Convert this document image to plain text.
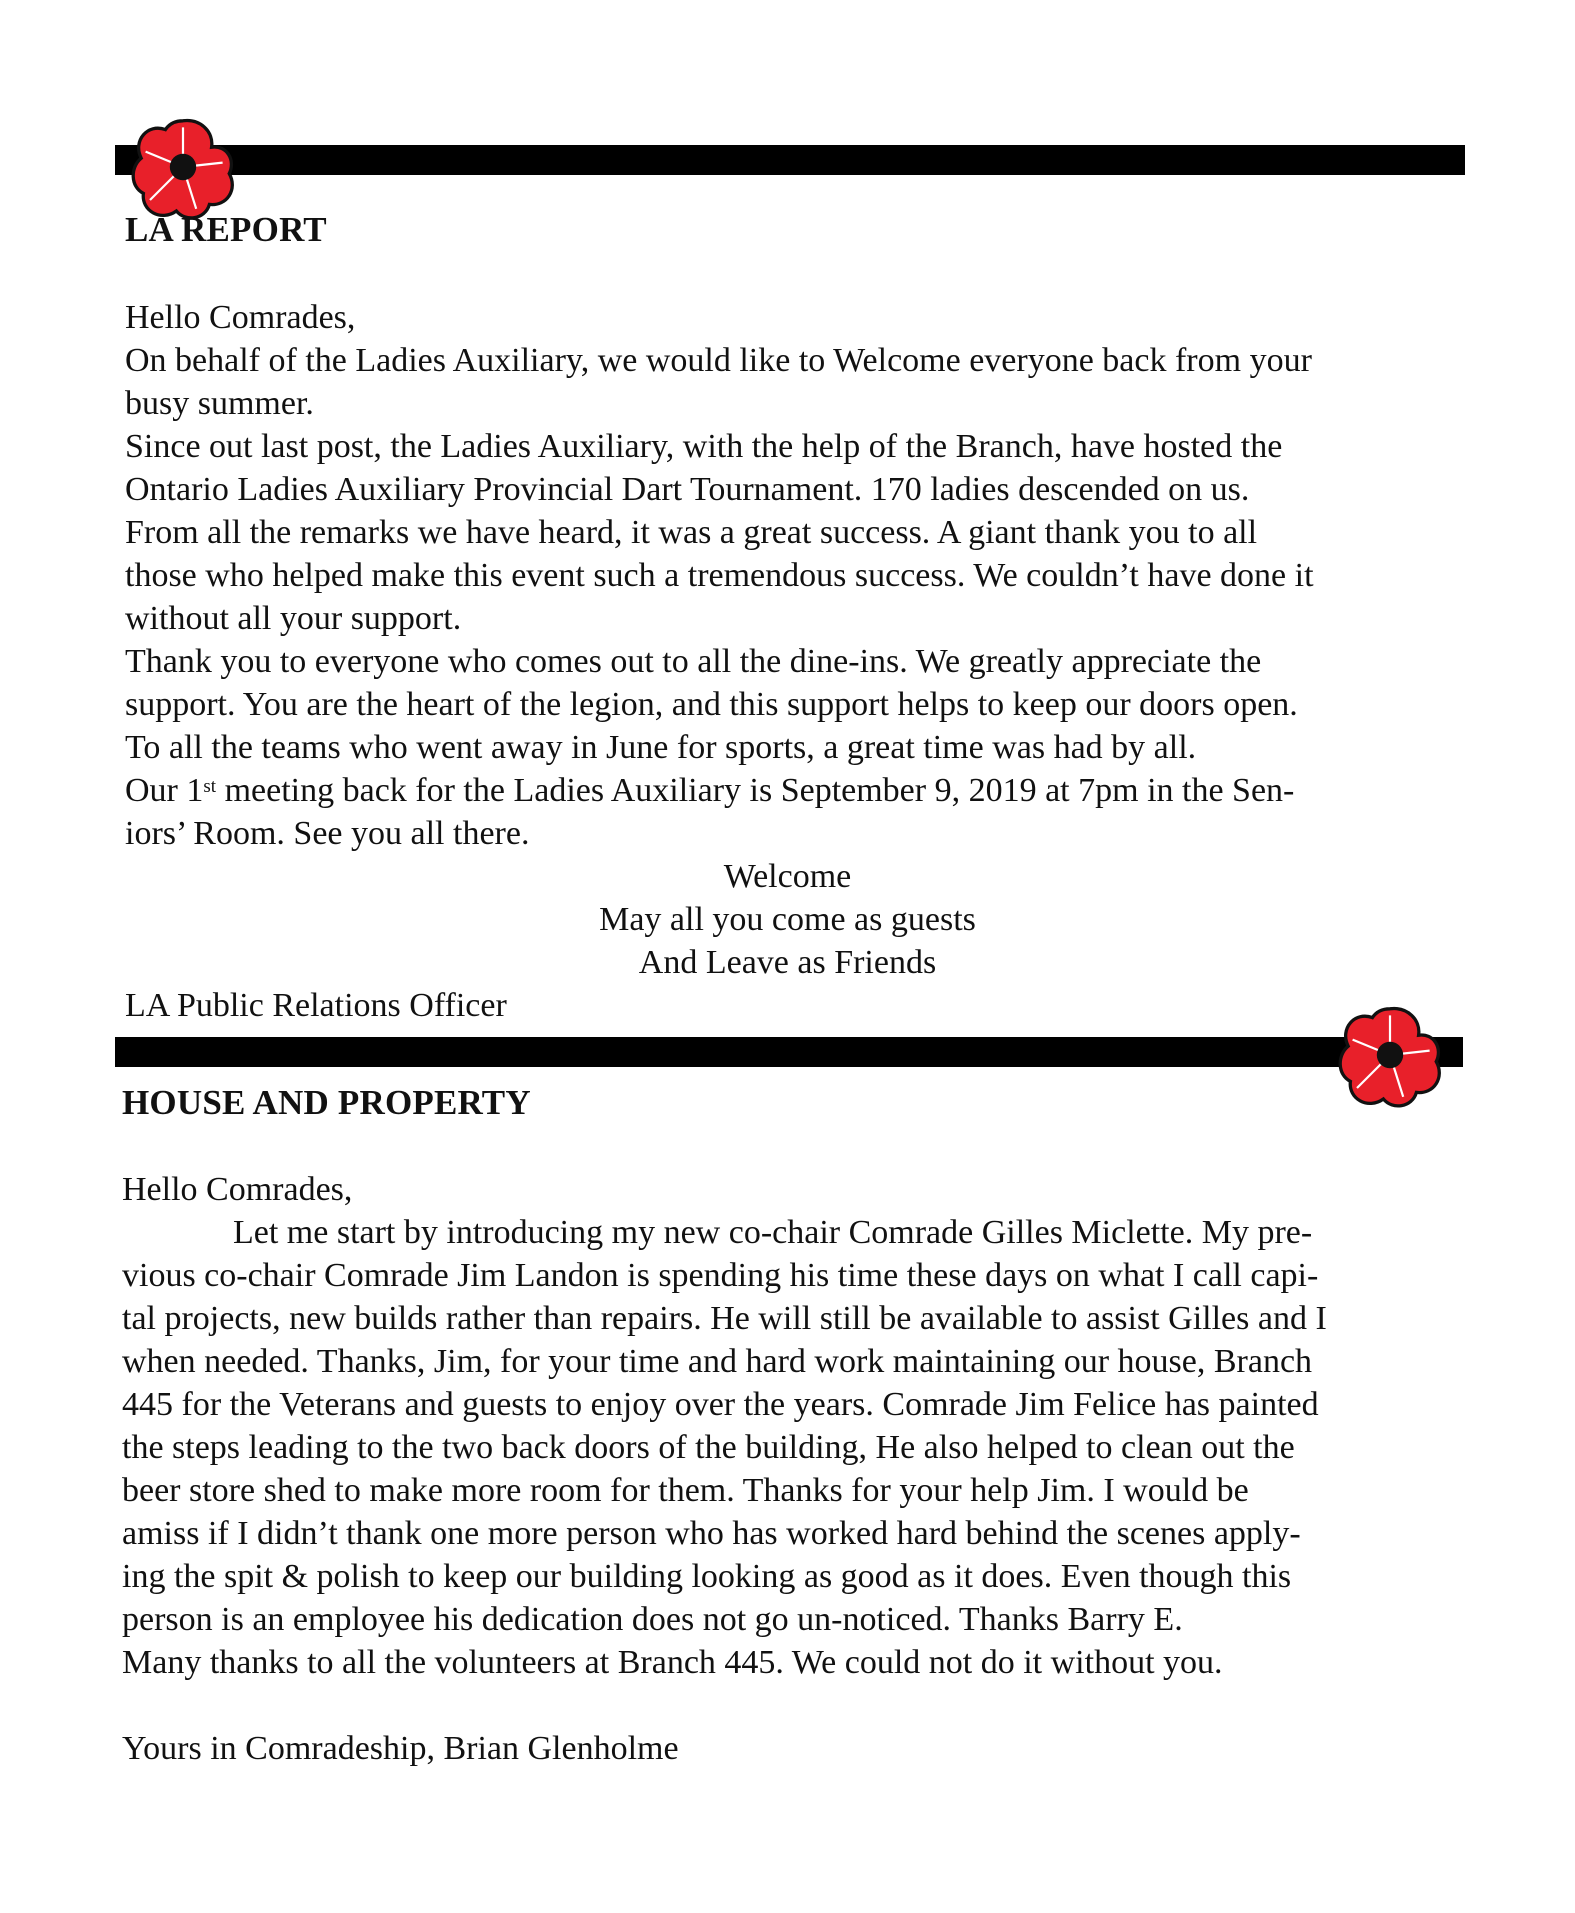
LA REPORT

Hello Comrades,

On behalf of the Ladies Auxiliary, we would like to Welcome everyone back from your

busy summer.

Since out last post, the Ladies Auxiliary, with the help of the Branch, have hosted the

Ontario Ladies Auxiliary Provincial Dart Tournament. 170 ladies descended on us.

From all the remarks we have heard, it was a great success. A giant thank you to all

those who helped make this event such a tremendous success. We couldn’t have done it

without all your support.

Thank you to everyone who comes out to all the dine-ins. We greatly appreciate the

support. You are the heart of the legion, and this support helps to keep our doors open.

To all the teams who went away in June for sports, a great time was had by all.

Our 1st meeting back for the Ladies Auxiliary is September 9, 2019 at 7pm in the Sen-

iors’ Room. See you all there.

Welcome

May all you come as guests

And Leave as Friends

LA Public Relations Officer

HOUSE AND PROPERTY

Hello Comrades,

Let me start by introducing my new co-chair Comrade Gilles Miclette. My pre-

vious co-chair Comrade Jim Landon is spending his time these days on what I call capi-

tal projects, new builds rather than repairs. He will still be available to assist Gilles and I

when needed. Thanks, Jim, for your time and hard work maintaining our house, Branch

445 for the Veterans and guests to enjoy over the years. Comrade Jim Felice has painted

the steps leading to the two back doors of the building, He also helped to clean out the

beer store shed to make more room for them. Thanks for your help Jim. I would be

amiss if I didn’t thank one more person who has worked hard behind the scenes apply-

ing the spit & polish to keep our building looking as good as it does. Even though this

person is an employee his dedication does not go un-noticed. Thanks Barry E.

Many thanks to all the volunteers at Branch 445. We could not do it without you.

Yours in Comradeship, Brian Glenholme
